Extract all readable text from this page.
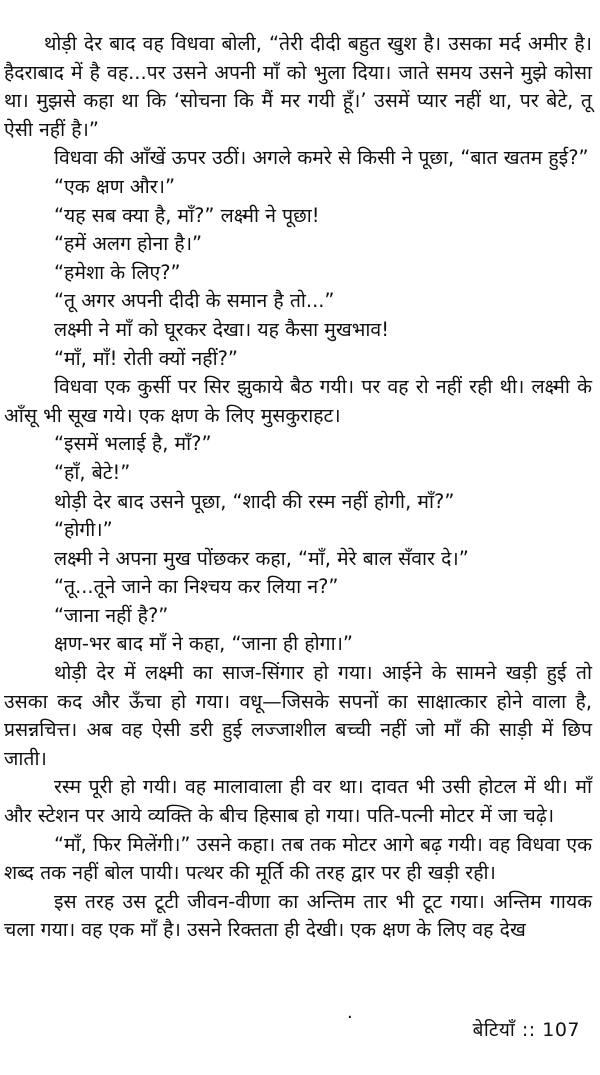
थोड़ी देर बाद वह विधवा बोली, “तेरी दीदी बहुत खुश है। उसका मर्द अमीर है। हैदराबाद में है वह...पर उसने अपनी माँ को भुला दिया। जाते समय उसने मुझे कोसा था। मुझसे कहा था कि ‘सोचना कि मैं मर गयी हूँ।’ उसमें प्यार नहीं था, पर बेटे, तू ऐसी नहीं है।”

विधवा की आँखें ऊपर उठीं। अगले कमरे से किसी ने पूछा, “बात खतम हुई?”

“एक क्षण और।”

“यह सब क्या है, माँ?” लक्ष्मी ने पूछा!

“हमें अलग होना है।”

“हमेशा के लिए?”

“तू अगर अपनी दीदी के समान है तो...”

लक्ष्मी ने माँ को घूरकर देखा। यह कैसा मुखभाव!

“माँ, माँ! रोती क्यों नहीं?”

विधवा एक कुर्सी पर सिर झुकाये बैठ गयी। पर वह रो नहीं रही थी। लक्ष्मी के आँसू भी सूख गये। एक क्षण के लिए मुसकुराहट।

“इसमें भलाई है, माँ?”

“हाँ, बेटे!”

थोड़ी देर बाद उसने पूछा, “शादी की रस्म नहीं होगी, माँ?”

“होगी।”

लक्ष्मी ने अपना मुख पोंछकर कहा, “माँ, मेरे बाल सँवार दे।”

“तू...तूने जाने का निश्चय कर लिया न?”

“जाना नहीं है?”

क्षण-भर बाद माँ ने कहा, “जाना ही होगा।”

थोड़ी देर में लक्ष्मी का साज-सिंगार हो गया। आईने के सामने खड़ी हुई तो उसका कद और ऊँचा हो गया। वधू—जिसके सपनों का साक्षात्कार होने वाला है, प्रसन्नचित्त। अब वह ऐसी डरी हुई लज्जाशील बच्ची नहीं जो माँ की साड़ी में छिप जाती।

रस्म पूरी हो गयी। वह मालावाला ही वर था। दावत भी उसी होटल में थी। माँ और स्टेशन पर आये व्यक्ति के बीच हिसाब हो गया। पति-पत्नी मोटर में जा चढ़े।

“माँ, फिर मिलेंगी।” उसने कहा। तब तक मोटर आगे बढ़ गयी। वह विधवा एक शब्द तक नहीं बोल पायी। पत्थर की मूर्ति की तरह द्वार पर ही खड़ी रही।

इस तरह उस टूटी जीवन-वीणा का अन्तिम तार भी टूट गया। अन्तिम गायक चला गया। वह एक माँ है। उसने रिक्तता ही देखी। एक क्षण के लिए वह देख

·
बेटियाँ :: 107
